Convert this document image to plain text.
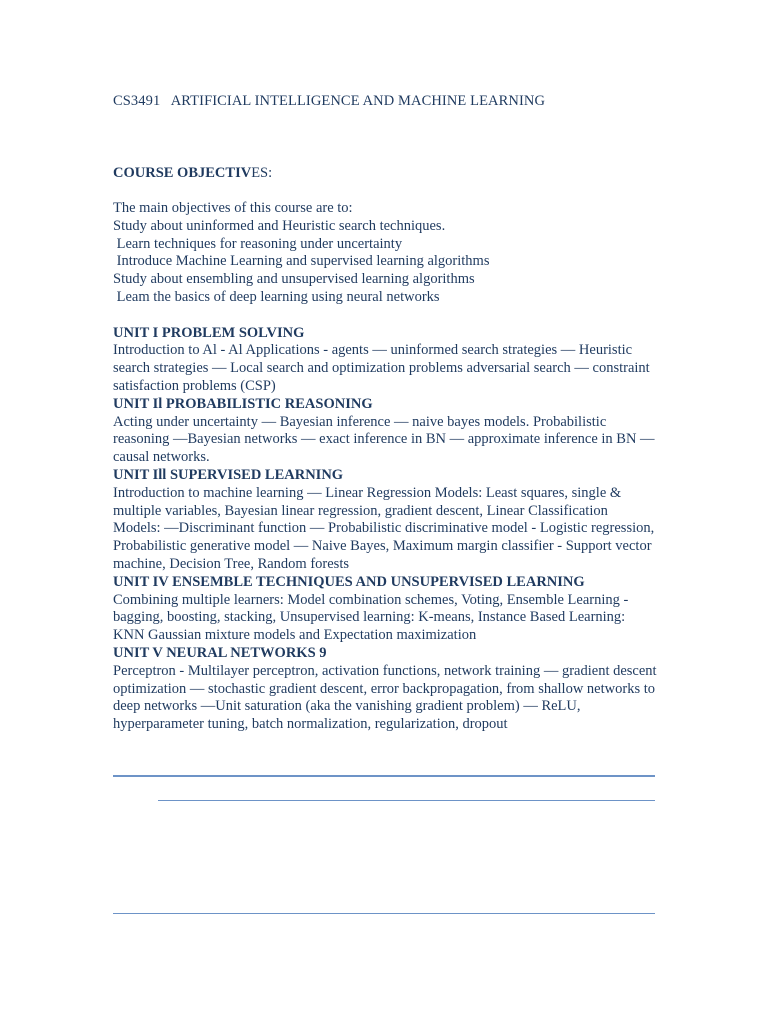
CS3491   ARTIFICIAL INTELLIGENCE AND MACHINE LEARNING
COURSE OBJECTIVES:
The main objectives of this course are to:
Study about uninformed and Heuristic search techniques.
Learn techniques for reasoning under uncertainty
Introduce Machine Learning and supervised learning algorithms
Study about ensembling and unsupervised learning algorithms
Leam the basics of deep learning using neural networks
UNIT I PROBLEM SOLVING
Introduction to Al - Al Applications - agents — uninformed search strategies — Heuristic search strategies — Local search and optimization problems adversarial search — constraint satisfaction problems (CSP)
UNIT Il PROBABILISTIC REASONING
Acting under uncertainty — Bayesian inference — naive bayes models. Probabilistic reasoning —Bayesian networks — exact inference in BN — approximate inference in BN — causal networks.
UNIT Ill SUPERVISED LEARNING
Introduction to machine learning — Linear Regression Models: Least squares, single & multiple variables, Bayesian linear regression, gradient descent, Linear Classification Models: —Discriminant function — Probabilistic discriminative model - Logistic regression, Probabilistic generative model — Naive Bayes, Maximum margin classifier - Support vector machine, Decision Tree, Random forests
UNIT IV ENSEMBLE TECHNIQUES AND UNSUPERVISED LEARNING
Combining multiple learners: Model combination schemes, Voting, Ensemble Learning -bagging, boosting, stacking, Unsupervised learning: K-means, Instance Based Learning: KNN Gaussian mixture models and Expectation maximization
UNIT V NEURAL NETWORKS 9
Perceptron - Multilayer perceptron, activation functions, network training — gradient descent optimization — stochastic gradient descent, error backpropagation, from shallow networks to deep networks —Unit saturation (aka the vanishing gradient problem) — ReLU, hyperparameter tuning, batch normalization, regularization, dropout
